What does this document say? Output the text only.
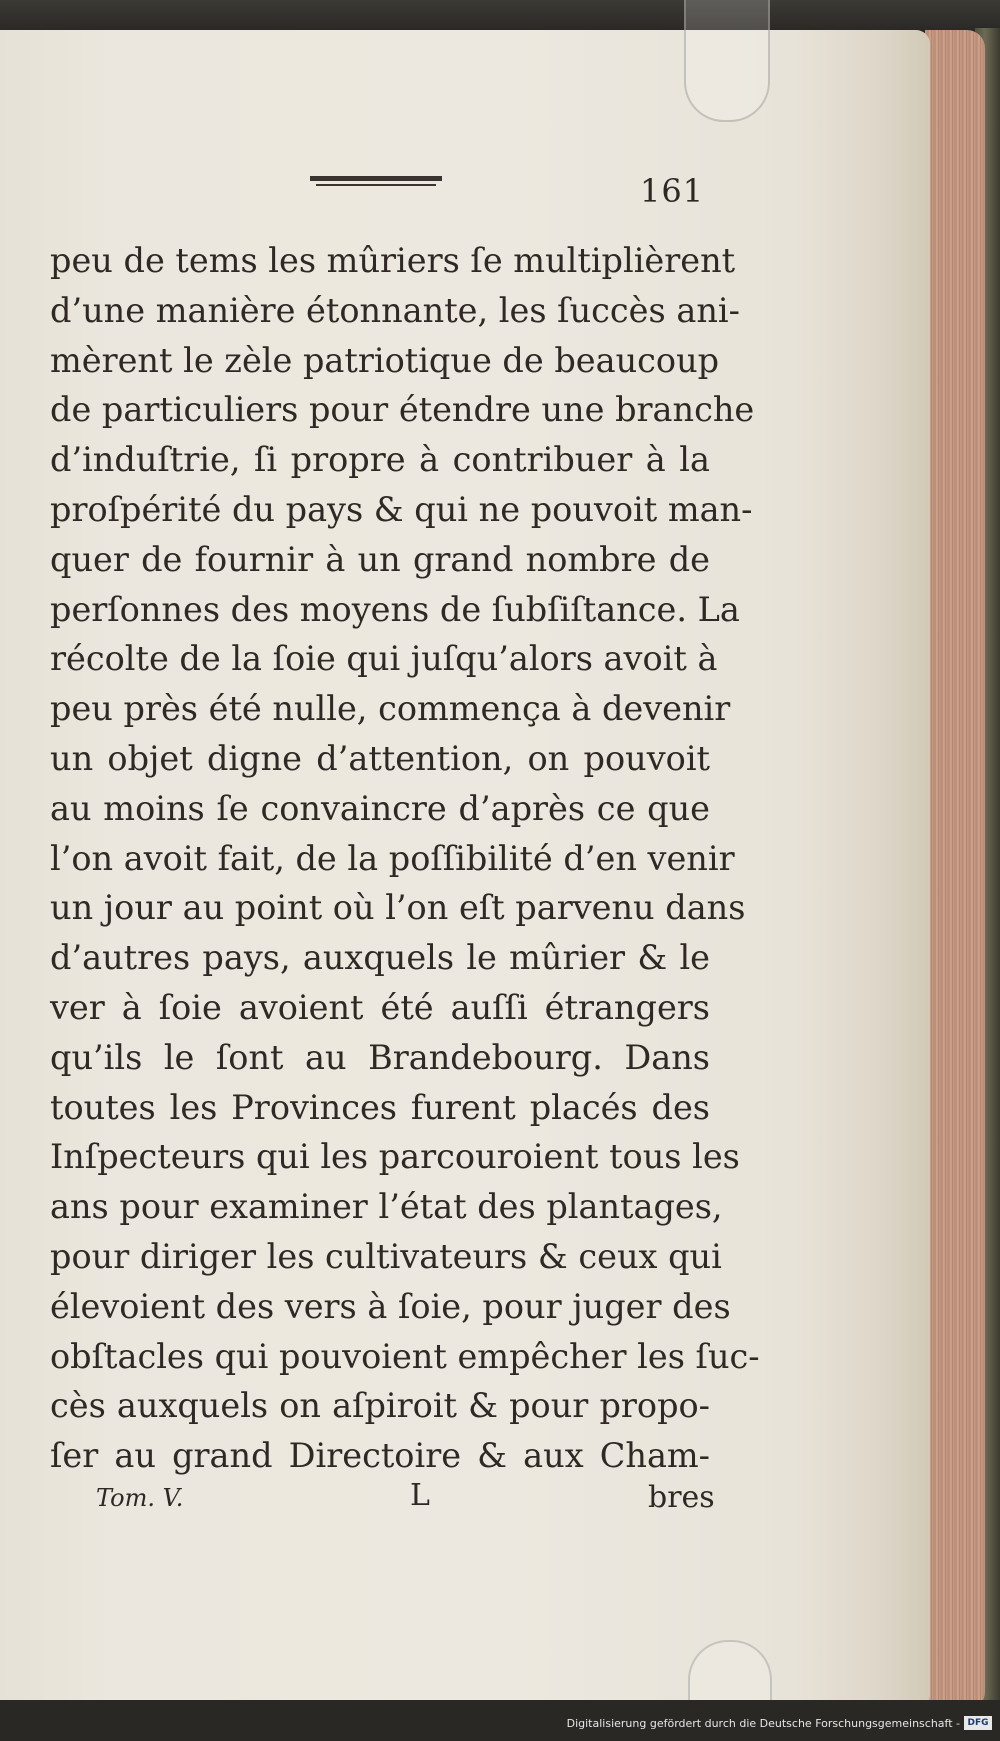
161
peu de tems les mûriers ſe multiplièrent
d’une manière étonnante, les ſuccès ani-
mèrent le zèle patriotique de beaucoup
de particuliers pour étendre une branche
d’induſtrie, ſi propre à contribuer à la
proſpérité du pays & qui ne pouvoit man-
quer de fournir à un grand nombre de
perſonnes des moyens de ſubſiſtance. La
récolte de la ſoie qui juſqu’alors avoit à
peu près été nulle, commença à devenir
un objet digne d’attention, on pouvoit
au moins ſe convaincre d’après ce que
l’on avoit fait, de la poſſibilité d’en venir
un jour au point où l’on eſt parvenu dans
d’autres pays, auxquels le mûrier & le
ver à ſoie avoient été auſſi étrangers
qu’ils le ſont au Brandebourg. Dans
toutes les Provinces furent placés des
Inſpecteurs qui les parcouroient tous les
ans pour examiner l’état des plantages,
pour diriger les cultivateurs & ceux qui
élevoient des vers à ſoie, pour juger des
obſtacles qui pouvoient empêcher les ſuc-
cès auxquels on aſpiroit & pour propo-
ſer au grand Directoire & aux Cham-
Tom. V.	L	bres
Digitalisierung gefördert durch die Deutsche Forschungsgemeinschaft - DFG
